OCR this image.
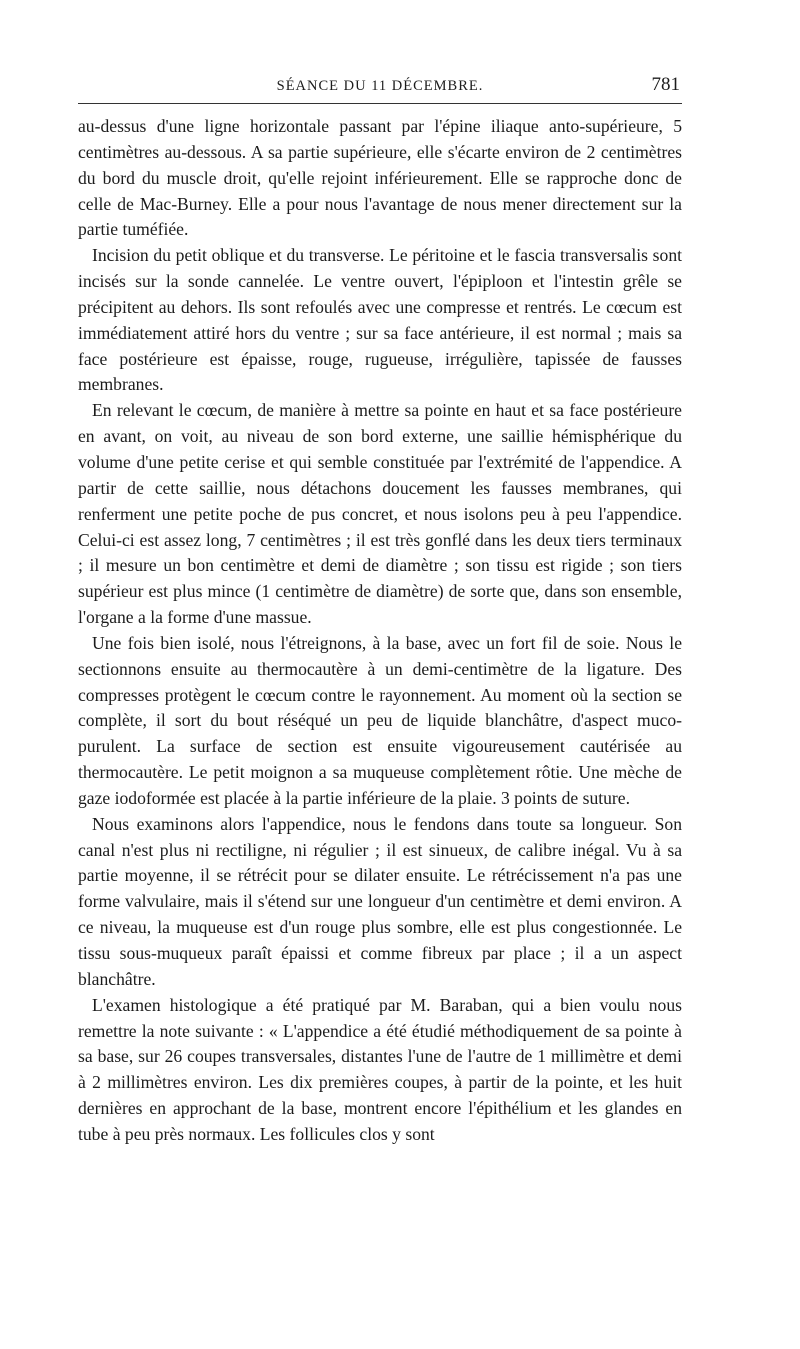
SÉANCE DU 11 DÉCEMBRE.	781

au-dessus d'une ligne horizontale passant par l'épine iliaque anto-supérieure, 5 centimètres au-dessous. A sa partie supérieure, elle s'écarte environ de 2 centimètres du bord du muscle droit, qu'elle rejoint inférieurement. Elle se rapproche donc de celle de Mac-Burney. Elle a pour nous l'avantage de nous mener directement sur la partie tuméfiée.

Incision du petit oblique et du transverse. Le péritoine et le fascia transversalis sont incisés sur la sonde cannelée. Le ventre ouvert, l'épiploon et l'intestin grêle se précipitent au dehors. Ils sont refoulés avec une compresse et rentrés. Le cœcum est immédiatement attiré hors du ventre ; sur sa face antérieure, il est normal ; mais sa face postérieure est épaisse, rouge, rugueuse, irrégulière, tapissée de fausses membranes.

En relevant le cœcum, de manière à mettre sa pointe en haut et sa face postérieure en avant, on voit, au niveau de son bord externe, une saillie hémisphérique du volume d'une petite cerise et qui semble constituée par l'extrémité de l'appendice. A partir de cette saillie, nous détachons doucement les fausses membranes, qui renferment une petite poche de pus concret, et nous isolons peu à peu l'appendice. Celui-ci est assez long, 7 centimètres ; il est très gonflé dans les deux tiers terminaux ; il mesure un bon centimètre et demi de diamètre ; son tissu est rigide ; son tiers supérieur est plus mince (1 centimètre de diamètre) de sorte que, dans son ensemble, l'organe a la forme d'une massue.

Une fois bien isolé, nous l'étreignons, à la base, avec un fort fil de soie. Nous le sectionnons ensuite au thermocautère à un demi-centimètre de la ligature. Des compresses protègent le cœcum contre le rayonnement. Au moment où la section se complète, il sort du bout réséqué un peu de liquide blanchâtre, d'aspect muco-purulent. La surface de section est ensuite vigoureusement cautérisée au thermocautère. Le petit moignon a sa muqueuse complètement rôtie. Une mèche de gaze iodoformée est placée à la partie inférieure de la plaie. 3 points de suture.

Nous examinons alors l'appendice, nous le fendons dans toute sa longueur. Son canal n'est plus ni rectiligne, ni régulier ; il est sinueux, de calibre inégal. Vu à sa partie moyenne, il se rétrécit pour se dilater ensuite. Le rétrécissement n'a pas une forme valvulaire, mais il s'étend sur une longueur d'un centimètre et demi environ. A ce niveau, la muqueuse est d'un rouge plus sombre, elle est plus congestionnée. Le tissu sous-muqueux paraît épaissi et comme fibreux par place ; il a un aspect blanchâtre.

L'examen histologique a été pratiqué par M. Baraban, qui a bien voulu nous remettre la note suivante : « L'appendice a été étudié méthodiquement de sa pointe à sa base, sur 26 coupes transversales, distantes l'une de l'autre de 1 millimètre et demi à 2 millimètres environ. Les dix premières coupes, à partir de la pointe, et les huit dernières en approchant de la base, montrent encore l'épithélium et les glandes en tube à peu près normaux. Les follicules clos y sont
